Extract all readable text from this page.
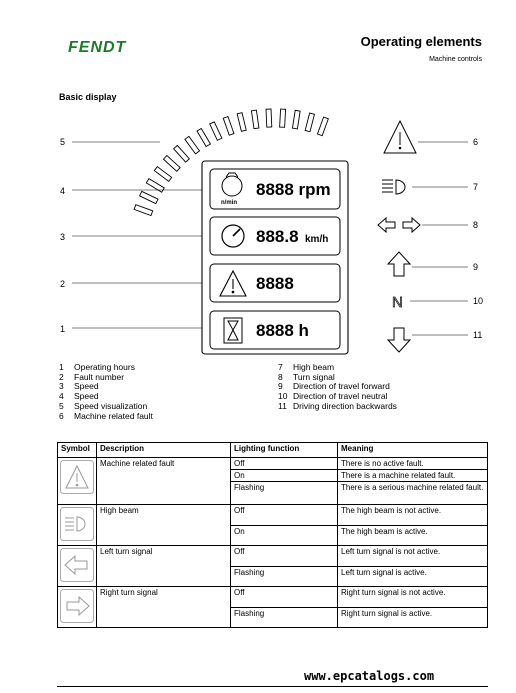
FENDT	Operating elements
Machine controls
Basic display
5
4
3
2
1
n/min
8888 rpm
888.8 km/h
8888
8888 h
N
6
7
8
9
10
11
1	Operating hours
2	Fault number
3	Speed
4	Speed
5	Speed visualization
6	Machine related fault
7	High beam
8	Turn signal
9	Direction of travel forward
10 Direction of travel neutral
11 Driving direction backwards
Symbol	Description	Lighting function	Meaning
	Machine related fault	Off	There is no active fault.
		On	There is a machine related fault.
		Flashing	There is a serious machine related fault.
	High beam	Off	The high beam is not active.
		On	The high beam is active.
	Left turn signal	Off	Left turn signal is not active.
		Flashing	Left turn signal is active.
	Right turn signal	Off	Right turn signal is not active.
		Flashing	Right turn signal is active.
www.epcatalogs.com
